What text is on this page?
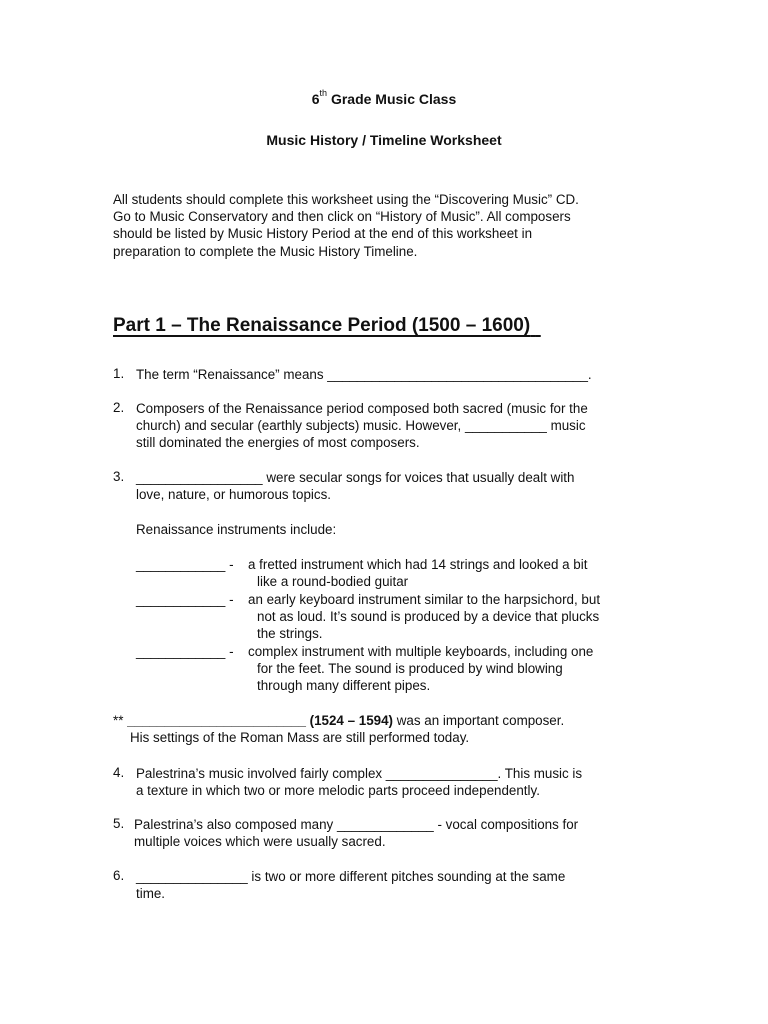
6th Grade Music Class
Music History / Timeline Worksheet
All students should complete this worksheet using the “Discovering Music” CD.
Go to Music Conservatory and then click on “History of Music”. All composers
should be listed by Music History Period at the end of this worksheet in
preparation to complete the Music History Timeline.
Part 1 – The Renaissance Period (1500 – 1600)
1. The term “Renaissance” means ___________________________________.
2. Composers of the Renaissance period composed both sacred (music for the
church) and secular (earthly subjects) music. However, ___________ music
still dominated the energies of most composers.
3. _________________ were secular songs for voices that usually dealt with
love, nature, or humorous topics.
Renaissance instruments include:
____________ - a fretted instrument which had 14 strings and looked a bit
like a round-bodied guitar
____________ - an early keyboard instrument similar to the harpsichord, but
not as loud. It’s sound is produced by a device that plucks
the strings.
____________ - complex instrument with multiple keyboards, including one
for the feet. The sound is produced by wind blowing
through many different pipes.
** ________________________ (1524 – 1594) was an important composer.
His settings of the Roman Mass are still performed today.
4. Palestrina’s music involved fairly complex _______________. This music is
a texture in which two or more melodic parts proceed independently.
5. Palestrina’s also composed many _____________ - vocal compositions for
multiple voices which were usually sacred.
6. _______________ is two or more different pitches sounding at the same
time.
